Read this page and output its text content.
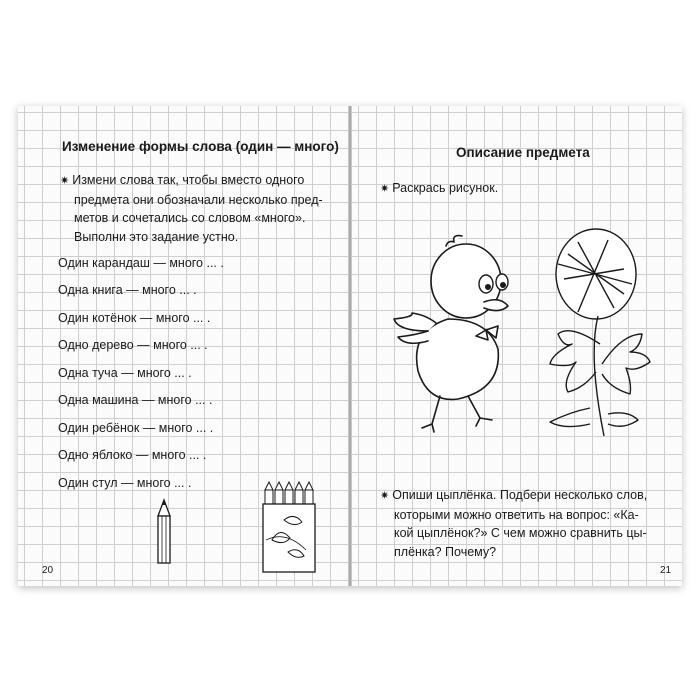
Изменение формы слова (один — много)
✷ Измени слова так, чтобы вместо одного
предмета они обозначали несколько пред-
метов и сочетались со словом «много».
Выполни это задание устно.
Один карандаш — много ... .
Одна книга — много ... .
Один котёнок — много ... .
Одно дерево — много ... .
Одна туча — много ... .
Одна машина — много ... .
Один ребёнок — много ... .
Одно яблоко — много ... .
Один стул — много ... .
20
Описание предмета
✷ Раскрась рисунок.
✷ Опиши цыплёнка. Подбери несколько слов,
которыми можно ответить на вопрос: «Ка-
кой цыплёнок?» С чем можно сравнить цы-
плёнка? Почему?
21
